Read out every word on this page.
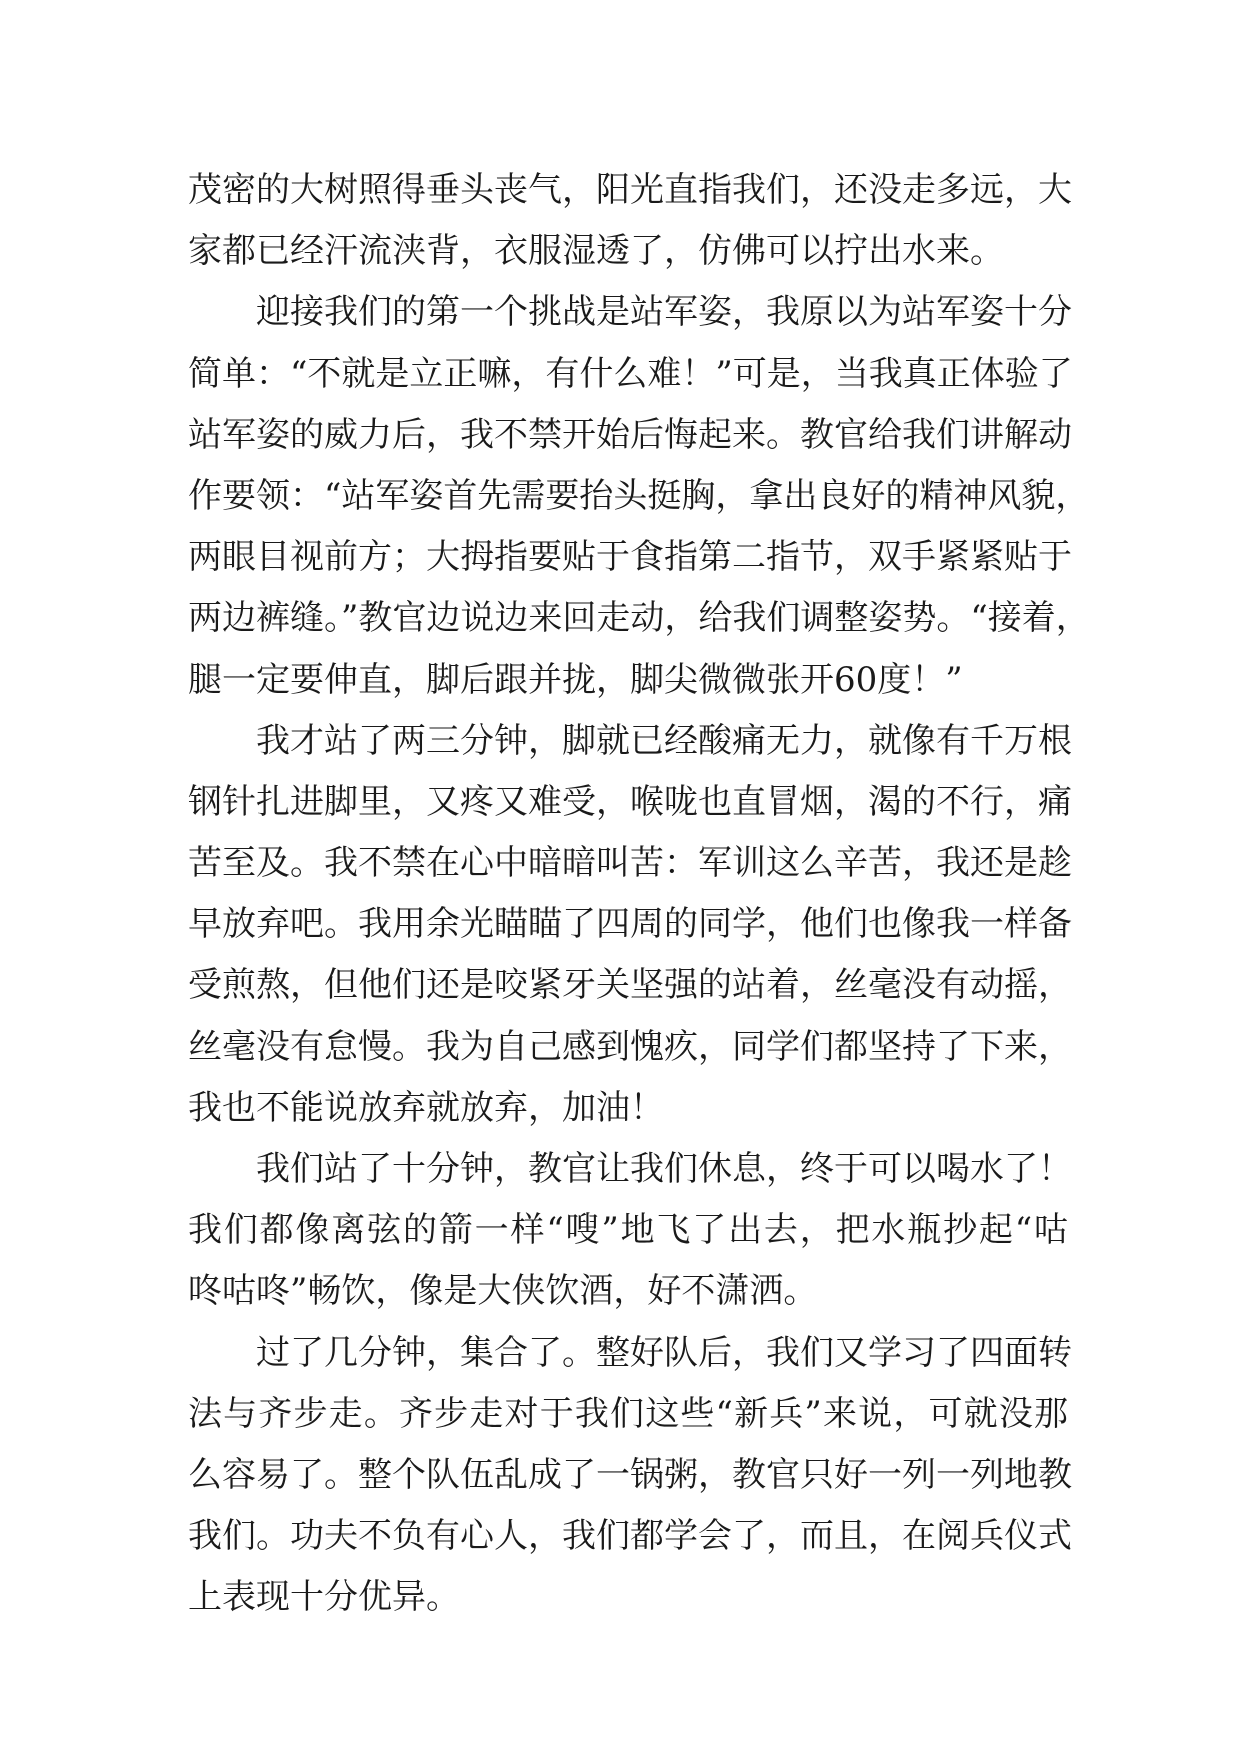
茂密的大树照得垂头丧气，阳光直指我们，还没走多远，大
家都已经汗流浃背，衣服湿透了，仿佛可以拧出水来。
迎接我们的第一个挑战是站军姿，我原以为站军姿十分
简单：“不就是立正嘛，有什么难！”可是，当我真正体验了
站军姿的威力后，我不禁开始后悔起来。教官给我们讲解动
作要领：“站军姿首先需要抬头挺胸，拿出良好的精神风貌，
两眼目视前方；大拇指要贴于食指第二指节，双手紧紧贴于
两边裤缝。”教官边说边来回走动，给我们调整姿势。“接着，
腿一定要伸直，脚后跟并拢，脚尖微微张开60度！”
我才站了两三分钟，脚就已经酸痛无力，就像有千万根
钢针扎进脚里，又疼又难受，喉咙也直冒烟，渴的不行，痛
苦至及。我不禁在心中暗暗叫苦：军训这么辛苦，我还是趁
早放弃吧。我用余光瞄瞄了四周的同学，他们也像我一样备
受煎熬，但他们还是咬紧牙关坚强的站着，丝毫没有动摇，
丝毫没有怠慢。我为自己感到愧疚，同学们都坚持了下来，
我也不能说放弃就放弃，加油！
我们站了十分钟，教官让我们休息，终于可以喝水了！
我们都像离弦的箭一样“嗖”地飞了出去，把水瓶抄起“咕
咚咕咚”畅饮，像是大侠饮酒，好不潇洒。
过了几分钟，集合了。整好队后，我们又学习了四面转
法与齐步走。齐步走对于我们这些“新兵”来说，可就没那
么容易了。整个队伍乱成了一锅粥，教官只好一列一列地教
我们。功夫不负有心人，我们都学会了，而且，在阅兵仪式
上表现十分优异。
